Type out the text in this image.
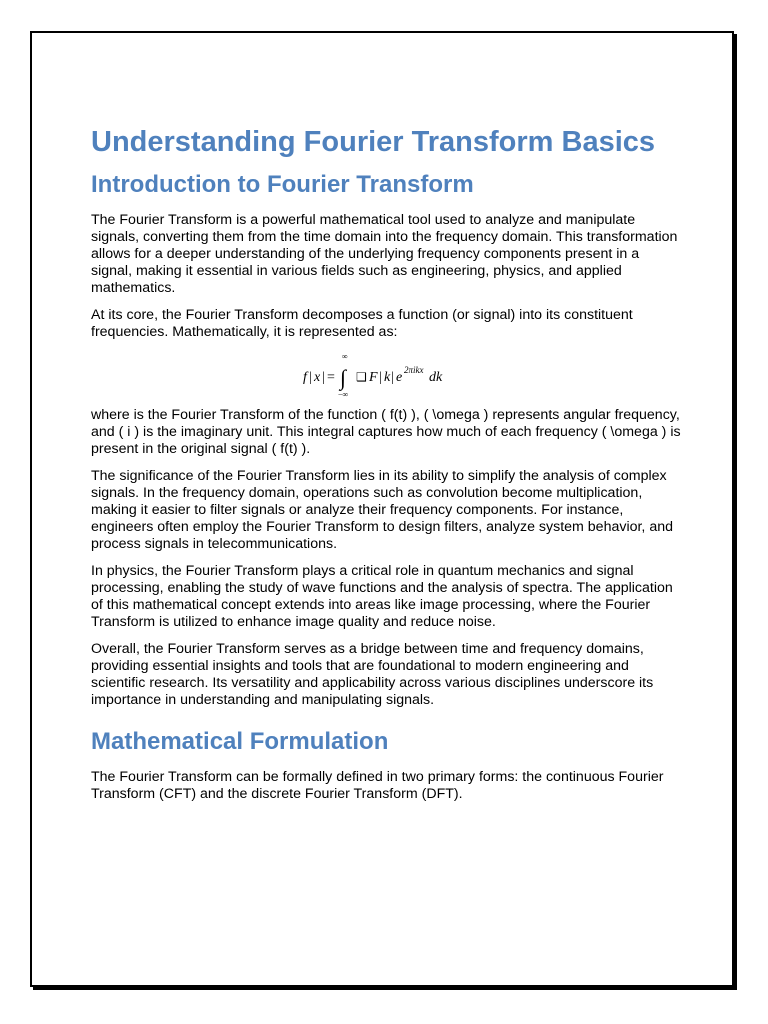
Understanding Fourier Transform Basics
Introduction to Fourier Transform

The Fourier Transform is a powerful mathematical tool used to analyze and manipulate signals, converting them from the time domain into the frequency domain. This transformation allows for a deeper understanding of the underlying frequency components present in a signal, making it essential in various fields such as engineering, physics, and applied mathematics.

At its core, the Fourier Transform decomposes a function (or signal) into its constituent frequencies. Mathematically, it is represented as:

f | x | =
∞
∫
−∞
❑ F | k | e 2πikx dk

where is the Fourier Transform of the function ( f(t) ), ( \omega ) represents angular frequency, and ( i ) is the imaginary unit. This integral captures how much of each frequency ( \omega ) is present in the original signal ( f(t) ).

The significance of the Fourier Transform lies in its ability to simplify the analysis of complex signals. In the frequency domain, operations such as convolution become multiplication, making it easier to filter signals or analyze their frequency components. For instance, engineers often employ the Fourier Transform to design filters, analyze system behavior, and process signals in telecommunications.

In physics, the Fourier Transform plays a critical role in quantum mechanics and signal processing, enabling the study of wave functions and the analysis of spectra. The application of this mathematical concept extends into areas like image processing, where the Fourier Transform is utilized to enhance image quality and reduce noise.

Overall, the Fourier Transform serves as a bridge between time and frequency domains, providing essential insights and tools that are foundational to modern engineering and scientific research. Its versatility and applicability across various disciplines underscore its importance in understanding and manipulating signals.

Mathematical Formulation

The Fourier Transform can be formally defined in two primary forms: the continuous Fourier Transform (CFT) and the discrete Fourier Transform (DFT).
